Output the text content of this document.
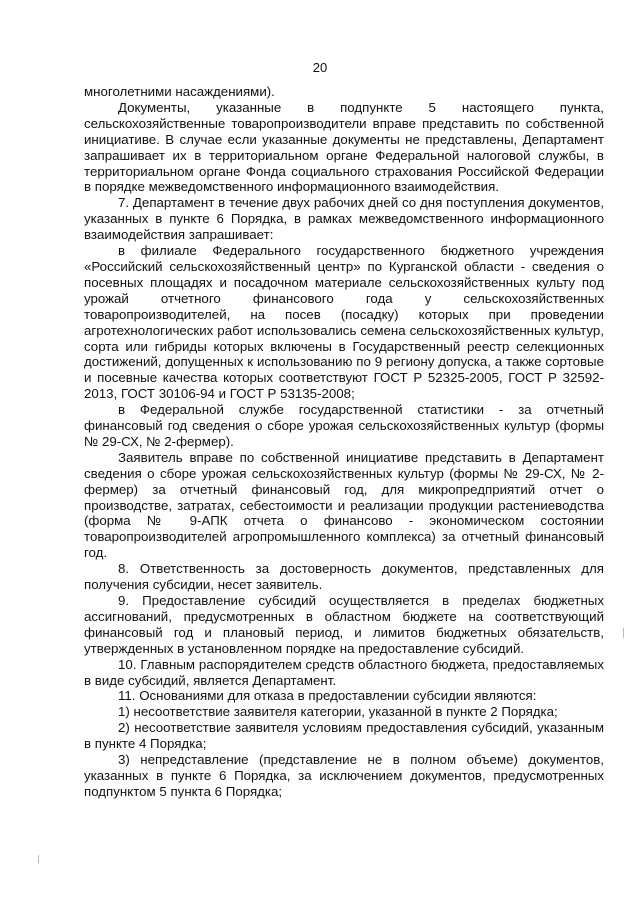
20

многолетними насаждениями).

Документы, указанные в подпункте 5 настоящего пункта, сельскохозяйственные товаропроизводители вправе представить по собственной инициативе. В случае если указанные документы не представлены, Департамент запрашивает их в территориальном органе Федеральной налоговой службы, в территориальном органе Фонда социального страхования Российской Федерации в порядке межведомственного информационного взаимодействия.

7. Департамент в течение двух рабочих дней со дня поступления документов, указанных в пункте 6 Порядка, в рамках межведомственного информационного взаимодействия запрашивает:

в филиале Федерального государственного бюджетного учреждения «Российский сельскохозяйственный центр» по Курганской области - сведения о посевных площадях и посадочном материале сельскохозяйственных культу под урожай отчетного финансового года у сельскохозяйственных товаропроизводителей, на посев (посадку) которых при проведении агротехнологических работ использовались семена сельскохозяйственных культур, сорта или гибриды которых включены в Государственный реестр селекционных достижений, допущенных к использованию по 9 региону допуска, а также сортовые и посевные качества которых соответствуют ГОСТ Р 52325-2005, ГОСТ Р 32592-2013, ГОСТ 30106-94 и ГОСТ Р 53135-2008;

в Федеральной службе государственной статистики - за отчетный финансовый год сведения о сборе урожая сельскохозяйственных культур (формы № 29-СХ, № 2-фермер).

Заявитель вправе по собственной инициативе представить в Департамент сведения о сборе урожая сельскохозяйственных культур (формы № 29-СХ, № 2-фермер) за отчетный финансовый год, для микропредприятий отчет о производстве, затратах, себестоимости и реализации продукции растениеводства (форма № 9-АПК отчета о финансово - экономическом состоянии товаропроизводителей агропромышленного комплекса) за отчетный финансовый год.

8. Ответственность за достоверность документов, представленных для получения субсидии, несет заявитель.

9. Предоставление субсидий осуществляется в пределах бюджетных ассигнований, предусмотренных в областном бюджете на соответствующий финансовый год и плановый период, и лимитов бюджетных обязательств, утвержденных в установленном порядке на предоставление субсидий.

10. Главным распорядителем средств областного бюджета, предоставляемых в виде субсидий, является Департамент.

11. Основаниями для отказа в предоставлении субсидии являются:

1) несоответствие заявителя категории, указанной в пункте 2 Порядка;

2) несоответствие заявителя условиям предоставления субсидий, указанным в пункте 4 Порядка;

3) непредставление (представление не в полном объеме) документов, указанных в пункте 6 Порядка, за исключением документов, предусмотренных подпунктом 5 пункта 6 Порядка;
